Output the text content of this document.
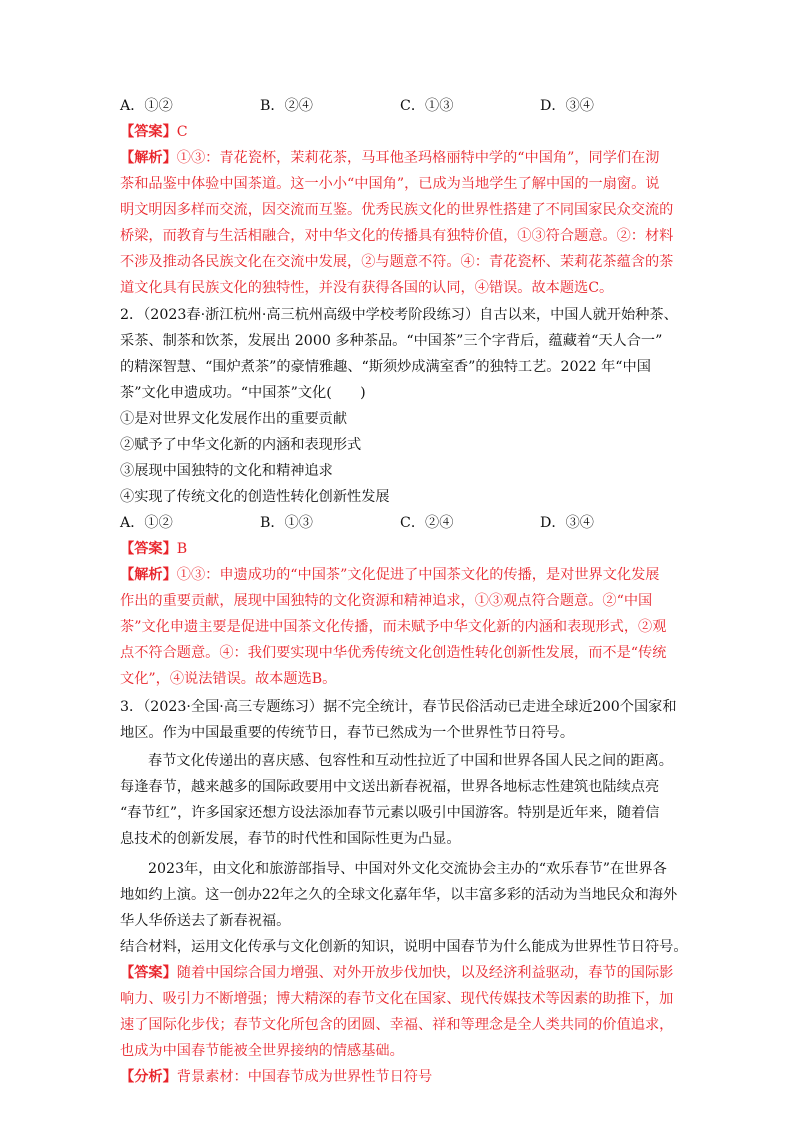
A．①②	B．②④	C．①③	D．③④
【答案】C
【解析】①③：青花瓷杯，茉莉花茶，马耳他圣玛格丽特中学的“中国角”，同学们在沏
茶和品鉴中体验中国茶道。这一小小“中国角”，已成为当地学生了解中国的一扇窗。说
明文明因多样而交流，因交流而互鉴。优秀民族文化的世界性搭建了不同国家民众交流的
桥梁，而教育与生活相融合，对中华文化的传播具有独特价值，①③符合题意。②：材料
不涉及推动各民族文化在交流中发展，②与题意不符。④：青花瓷杯、茉莉花茶蕴含的茶
道文化具有民族文化的独特性，并没有获得各国的认同，④错误。故本题选C。
2．（2023春·浙江杭州·高三杭州高级中学校考阶段练习）自古以来，中国人就开始种茶、
采茶、制茶和饮茶，发展出 2000 多种茶品。“中国茶”三个字背后，蕴藏着“天人合一”
的精深智慧、“围炉煮茶”的豪情雅趣、“斯须炒成满室香”的独特工艺。2022 年“中国
茶”文化申遗成功。“中国茶”文化(　　)
①是对世界文化发展作出的重要贡献
②赋予了中华文化新的内涵和表现形式
③展现中国独特的文化和精神追求
④实现了传统文化的创造性转化创新性发展
A．①②	B．①③	C．②④	D．③④
【答案】B
【解析】①③：申遗成功的“中国茶”文化促进了中国茶文化的传播，是对世界文化发展
作出的重要贡献，展现中国独特的文化资源和精神追求，①③观点符合题意。②“中国
茶”文化申遗主要是促进中国茶文化传播，而未赋予中华文化新的内涵和表现形式，②观
点不符合题意。④：我们要实现中华优秀传统文化创造性转化创新性发展，而不是“传统
文化”，④说法错误。故本题选B。
3．（2023·全国·高三专题练习）据不完全统计，春节民俗活动已走进全球近200个国家和
地区。作为中国最重要的传统节日，春节已然成为一个世界性节日符号。
春节文化传递出的喜庆感、包容性和互动性拉近了中国和世界各国人民之间的距离。
每逢春节，越来越多的国际政要用中文送出新春祝福，世界各地标志性建筑也陆续点亮
“春节红”，许多国家还想方设法添加春节元素以吸引中国游客。特别是近年来，随着信
息技术的创新发展，春节的时代性和国际性更为凸显。
2023年，由文化和旅游部指导、中国对外文化交流协会主办的“欢乐春节”在世界各
地如约上演。这一创办22年之久的全球文化嘉年华，以丰富多彩的活动为当地民众和海外
华人华侨送去了新春祝福。
结合材料，运用文化传承与文化创新的知识，说明中国春节为什么能成为世界性节日符号。
【答案】随着中国综合国力增强、对外开放步伐加快，以及经济利益驱动，春节的国际影
响力、吸引力不断增强；博大精深的春节文化在国家、现代传媒技术等因素的助推下，加
速了国际化步伐；春节文化所包含的团圆、幸福、祥和等理念是全人类共同的价值追求，
也成为中国春节能被全世界接纳的情感基础。
【分析】背景素材：中国春节成为世界性节日符号
